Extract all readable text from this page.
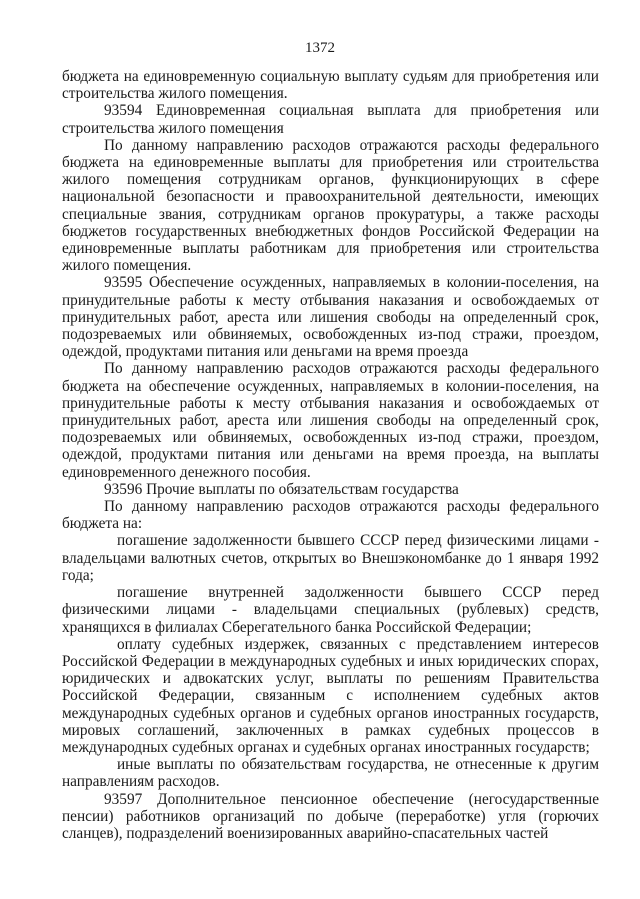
1372

бюджета на единовременную социальную выплату судьям для приобретения или строительства жилого помещения.

93594 Единовременная социальная выплата для приобретения или строительства жилого помещения

По данному направлению расходов отражаются расходы федерального бюджета на единовременные выплаты для приобретения или строительства жилого помещения сотрудникам органов, функционирующих в сфере национальной безопасности и правоохранительной деятельности, имеющих специальные звания, сотрудникам органов прокуратуры, а также расходы бюджетов государственных внебюджетных фондов Российской Федерации на единовременные выплаты работникам для приобретения или строительства жилого помещения.

93595 Обеспечение осужденных, направляемых в колонии-поселения, на принудительные работы к месту отбывания наказания и освобождаемых от принудительных работ, ареста или лишения свободы на определенный срок, подозреваемых или обвиняемых, освобожденных из-под стражи, проездом, одеждой, продуктами питания или деньгами на время проезда

По данному направлению расходов отражаются расходы федерального бюджета на обеспечение осужденных, направляемых в колонии-поселения, на принудительные работы к месту отбывания наказания и освобождаемых от принудительных работ, ареста или лишения свободы на определенный срок, подозреваемых или обвиняемых, освобожденных из-под стражи, проездом, одеждой, продуктами питания или деньгами на время проезда, на выплаты единовременного денежного пособия.

93596 Прочие выплаты по обязательствам государства

По данному направлению расходов отражаются расходы федерального бюджета на:

погашение задолженности бывшего СССР перед физическими лицами - владельцами валютных счетов, открытых во Внешэкономбанке до 1 января 1992 года;

погашение внутренней задолженности бывшего СССР перед физическими лицами - владельцами специальных (рублевых) средств, хранящихся в филиалах Сберегательного банка Российской Федерации;

оплату судебных издержек, связанных с представлением интересов Российской Федерации в международных судебных и иных юридических спорах, юридических и адвокатских услуг, выплаты по решениям Правительства Российской Федерации, связанным с исполнением судебных актов международных судебных органов и судебных органов иностранных государств, мировых соглашений, заключенных в рамках судебных процессов в международных судебных органах и судебных органах иностранных государств;

иные выплаты по обязательствам государства, не отнесенные к другим направлениям расходов.

93597 Дополнительное пенсионное обеспечение (негосударственные пенсии) работников организаций по добыче (переработке) угля (горючих сланцев), подразделений военизированных аварийно-спасательных частей
